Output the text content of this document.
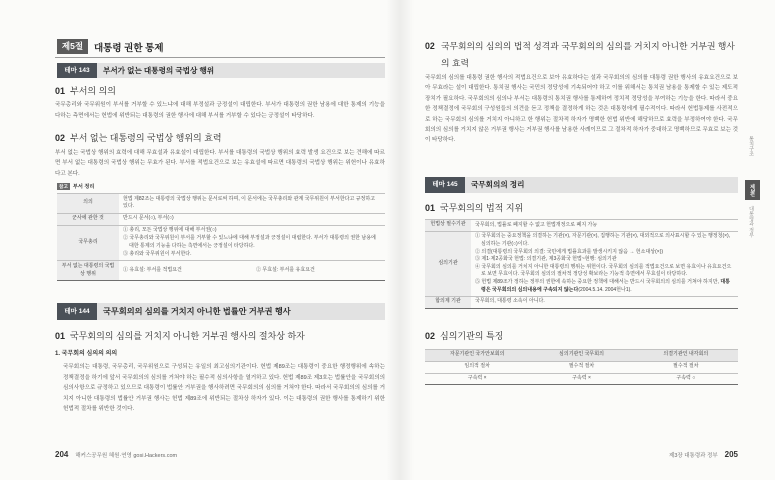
제5절	대통령 권한 통제
테마 143	부서가 없는 대통령의 국법상 행위
01 부서의 의의
국무총리와 국무위원이 부서를 거부할 수 있느냐에 대해 부정설과 긍정설이 대립한다. 부서가 대통령의 권한 남용에 대한 통제의 기능을 다하는 측면에서는 헌법에 위반되는 대통령의 권한 행사에 대해 부서를 거부할 수 있다는 긍정설이 타당하다.
02 부서 없는 대통령의 국법상 행위의 효력
부서 없는 국법상 행위의 효력에 대해 무효설과 유효설이 대립한다. 부서를 대통령의 국법상 행위의 효력 발생 요건으로 보는 견해에 따르면 부서 없는 대통령의 국법상 행위는 무효가 된다. 부서를 적법요건으로 보는 유효설에 따르면 대통령의 국법상 행위는 위헌이나 유효하다고 본다.
참고 부서 정리
의의	헌법 제82조는 대통령의 국법상 행위는 문서로써 하며, 이 문서에는 국무총리와 관계 국무위원이 부서한다고 규정하고 있다.	
군사에 관한 것	반드시 문서(○), 부서(○)	
국무총리	① 총리, 모든 국법상 행위에 대해 부서권(○)
② 국무총리와 국무위원이 부서를 거부할 수 있느냐에 대해 부정설과 긍정설이 대립한다. 부서가 대통령의 권한 남용에 대한 통제의 기능을 다하는 측면에서는 긍정설이 타당하다.
③ 총리와 국무위원이 부서한다.	

부서 없는 대통령의 국법상 행위	① 유효설: 부서를 적법요건	② 무효설: 부서를 유효요건
테마 144	국무회의의 심의를 거치지 아니한 법률안 거부권 행사
01 국무회의의 심의를 거치지 아니한 거부권 행사의 절차상 하자
1. 국무회의 심의의 의의
국무회의는 대통령, 국무총리, 국무위원으로 구성되는 유일의 최고심의기관이다. 헌법 제89조는 대통령이 중요한 행정행위에 속하는 정책결정을 하기에 앞서 국무회의의 심의를 거쳐야 하는 필수적 심의사항을 열거하고 있다. 헌법 제89조 제3호는 법률안을 국무회의의 심의사항으로 규정하고 있으므로 대통령이 법률안 거부권을 행사하려면 국무회의의 심의를 거쳐야 한다. 따라서 국무회의의 심의를 거치지 아니한 대통령의 법률안 거부권 행사는 헌법 제89조에 위반되는 절차상 하자가 있다. 이는 대통령의 권한 행사를 통제하기 위한 헌법적 절차를 위반한 것이다.
204 해커스공무원 혜원·연영 gosi.Hackers.com
02 국무회의의 심의의 법적 성격과 국무회의의 심의를 거치지 아니한 거부권 행사의 효력
국무회의 심의를 대통령 권한 행사의 적법요건으로 보아 유효하다는 설과 국무회의의 심의를 대통령 권한 행사의 유효요건으로 보아 무효라는 설이 대립한다. 통치권 행사는 국민의 정당성에 기속되어야 하고 이를 위해서는 통치권 남용을 통제할 수 있는 제도적 장치가 필요하다. 국무회의의 심의나 부서는 대통령의 통치권 행사를 통제하여 정치적 정당성을 부여하는 기능을 한다. 따라서 중요한 정책결정에 국무회의 구성원들의 의견을 듣고 정책을 결정하게 하는 것은 대통령에게 필수적이다. 따라서 헌법통제를 사전적으로 하는 국무회의 심의를 거치지 아니하고 한 행위는 절차적 하자가 명백한 헌법 위반에 해당하므로 효력을 부정하여야 한다. 국무회의의 심의를 거치지 않은 거부권 행사는 거부권 행사를 남용한 사례이므로 그 절차적 하자가 중대하고 명백하므로 무효로 보는 것이 타당하다.
테마 145	국무회의의 정리
01 국무회의의 법적 지위
헌법상 필수기관	국무회의, 법률로 폐지할 수 없고 헌법개정으로 폐지 가능
심의기관	① 국무회의는 중요정책을 의결하는 기관(×), 자문기관(×), 집행하는 기관(×), 대외적으로 의사표시할 수 있는 행정청(×), 심의하는 기관(○)이다.
② 의결(대통령의 국무회의 의결: 국민에게 법률효과를 발생시키지 않음 → 헌소대상(×))
③ 제1·제2공화국 헌법: 의결기관, 제3공화국 헌법~현행: 심의기관
④ 국무회의 심의를 거치지 아니한 대통령의 행위는 위헌이다. 국무회의 심의를 적법요건으로 보면 유효이나 유효요건으로 보면 무효이다. 국무회의 심의의 절차적 정당성 확보라는 기능적 측면에서 무효설이 타당하다.
⑤ 헌법 제89조가 정하는 정부의 권한에 속하는 중요한 정책에 대해서는 반드시 국무회의의 심의를 거쳐야 하지만, 대통령은 국무회의의 심의내용에 구속되지 않는다(2004.5.14. 2004헌나1).

합의제 기관	국무회의, 대통령 소속이 아니다.
02 심의기관의 특징
자문기관인 국가안보회의	심의기관인 국무회의	의결기관인 내각회의
임의적 절차	필수적 절차	필수적 절차
구속력 ×	구속력 ×	구속력 ○
제3장 대통령과 정부 205
통치구조
제3편
대통령과 정부
